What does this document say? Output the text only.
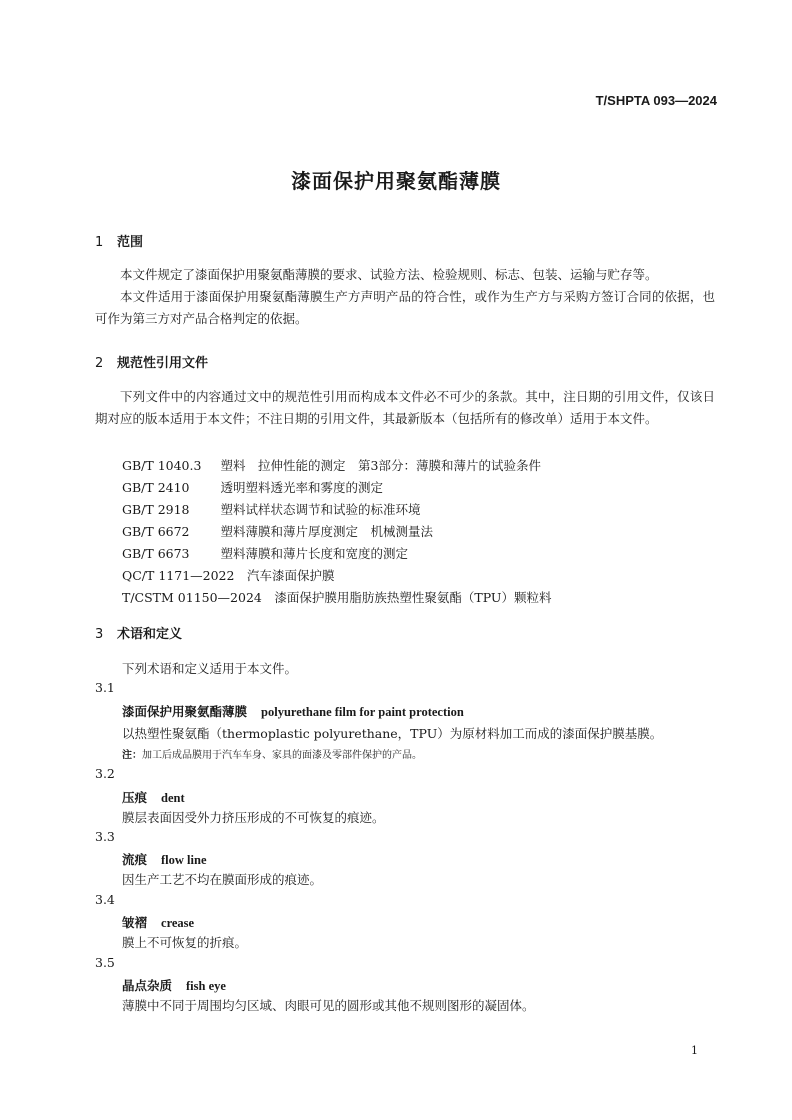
T/SHPTA 093—2024
漆面保护用聚氨酯薄膜
1 范围
本文件规定了漆面保护用聚氨酯薄膜的要求、试验方法、检验规则、标志、包装、运输与贮存等。
本文件适用于漆面保护用聚氨酯薄膜生产方声明产品的符合性，或作为生产方与采购方签订合同的依据，也可作为第三方对产品合格判定的依据。
2 规范性引用文件
下列文件中的内容通过文中的规范性引用而构成本文件必不可少的条款。其中，注日期的引用文件，仅该日期对应的版本适用于本文件；不注日期的引用文件，其最新版本（包括所有的修改单）适用于本文件。
GB/T 1040.3　 塑料　拉伸性能的测定　第3部分：薄膜和薄片的试验条件
GB/T 2410　 透明塑料透光率和雾度的测定
GB/T 2918　 塑料试样状态调节和试验的标准环境
GB/T 6672　 塑料薄膜和薄片厚度测定　机械测量法
GB/T 6673　 塑料薄膜和薄片长度和宽度的测定
QC/T 1171—2022　 汽车漆面保护膜
T/CSTM 01150—2024　 漆面保护膜用脂肪族热塑性聚氨酯（TPU）颗粒料
3 术语和定义
下列术语和定义适用于本文件。
3.1
漆面保护用聚氨酯薄膜 polyurethane film for paint protection
以热塑性聚氨酯（thermoplastic polyurethane，TPU）为原材料加工而成的漆面保护膜基膜。
注：加工后成品膜用于汽车车身、家具的面漆及零部件保护的产品。
3.2
压痕 dent
膜层表面因受外力挤压形成的不可恢复的痕迹。
3.3
流痕 flow line
因生产工艺不均在膜面形成的痕迹。
3.4
皱褶 crease
膜上不可恢复的折痕。
3.5
晶点杂质 fish eye
薄膜中不同于周围均匀区域、肉眼可见的圆形或其他不规则图形的凝固体。
1
